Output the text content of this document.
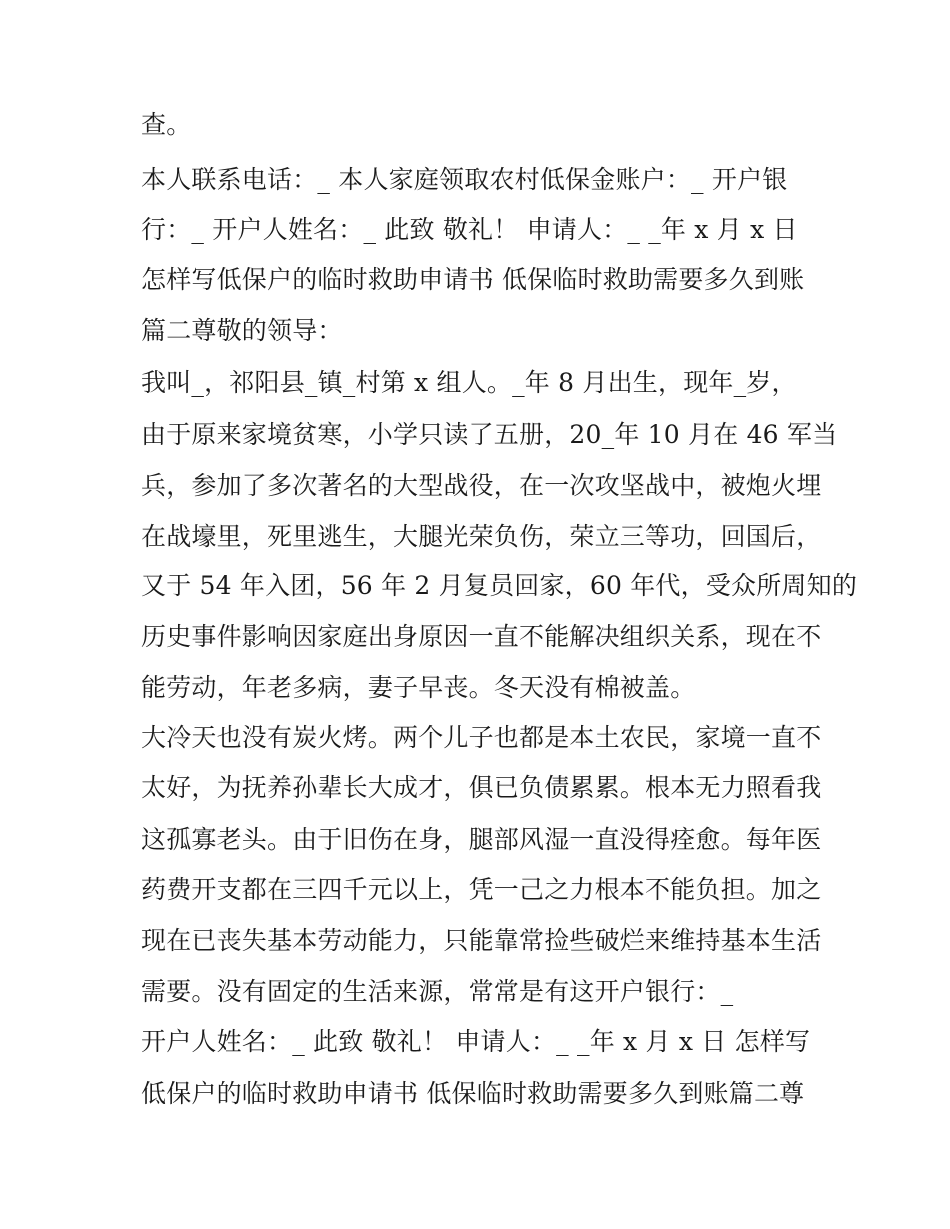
查。
本人联系电话：_ 本人家庭领取农村低保金账户：_ 开户银
行：_ 开户人姓名：_ 此致 敬礼！ 申请人：_ _年 x 月 x 日
怎样写低保户的临时救助申请书 低保临时救助需要多久到账
篇二尊敬的领导：
我叫_，祁阳县_镇_村第 x 组人。_年 8 月出生，现年_岁，
由于原来家境贫寒，小学只读了五册，20_年 10 月在 46 军当
兵，参加了多次著名的大型战役，在一次攻坚战中，被炮火埋
在战壕里，死里逃生，大腿光荣负伤，荣立三等功，回国后，
又于 54 年入团，56 年 2 月复员回家，60 年代，受众所周知的
历史事件影响因家庭出身原因一直不能解决组织关系，现在不
能劳动，年老多病，妻子早丧。冬天没有棉被盖。
大冷天也没有炭火烤。两个儿子也都是本土农民，家境一直不
太好，为抚养孙辈长大成才，俱已负债累累。根本无力照看我
这孤寡老头。由于旧伤在身，腿部风湿一直没得痊愈。每年医
药费开支都在三四千元以上，凭一己之力根本不能负担。加之
现在已丧失基本劳动能力，只能靠常捡些破烂来维持基本生活
需要。没有固定的生活来源，常常是有这开户银行：_
开户人姓名：_ 此致 敬礼！ 申请人：_ _年 x 月 x 日 怎样写
低保户的临时救助申请书 低保临时救助需要多久到账篇二尊
